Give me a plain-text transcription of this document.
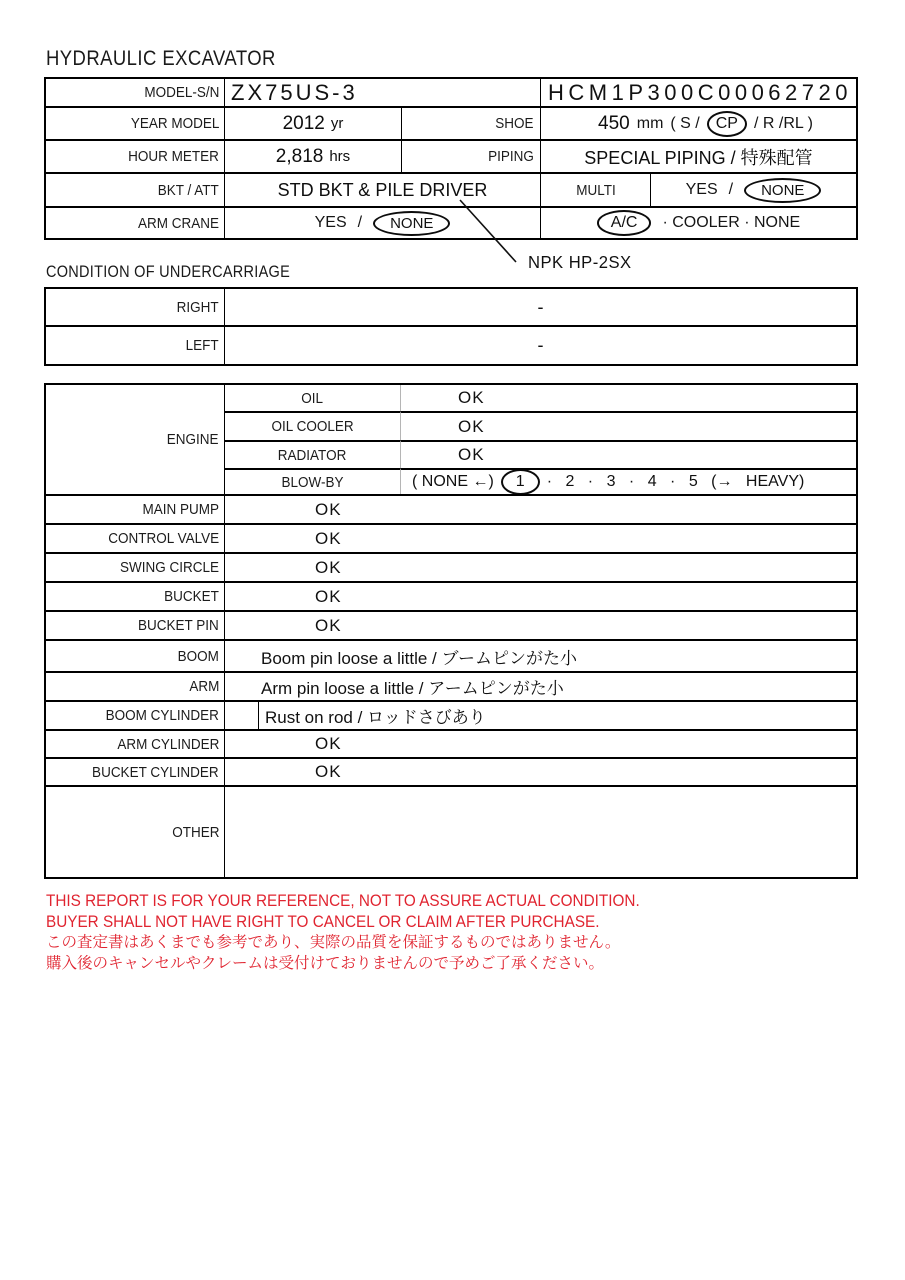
HYDRAULIC EXCAVATOR
MODEL-S/N ZX75US-3	HCM1P300C00062720
YEAR MODEL	2012 yr	SHOE	450 mm ( S / CP / R /RL )
HOUR METER	2,818 hrs	PIPING	SPECIAL PIPING / 特殊配管
BKT / ATT	STD BKT & PILE DRIVER	MULTI	YES / NONE
ARM CRANE	YES / NONE	A/C · COOLER · NONE
NPK HP-2SX
CONDITION OF UNDERCARRIAGE
RIGHT	-
LEFT	-
ENGINE
OIL	OK
OIL COOLER	OK
RADIATOR	OK
BLOW-BY	( NONE ←) 1 · 2 · 3 · 4 · 5 (→ HEAVY)
MAIN PUMP	OK
CONTROL VALVE	OK
SWING CIRCLE	OK
BUCKET	OK
BUCKET PIN	OK
BOOM Boom pin loose a little / ブームピンがた小
ARM Arm pin loose a little / アームピンがた小
BOOM CYLINDER	Rust on rod / ロッドさびあり
ARM CYLINDER	OK
BUCKET CYLINDER	OK
OTHER
THIS REPORT IS FOR YOUR REFERENCE, NOT TO ASSURE ACTUAL CONDITION.
BUYER SHALL NOT HAVE RIGHT TO CANCEL OR CLAIM AFTER PURCHASE.
この査定書はあくまでも参考であり、実際の品質を保証するものではありません。
購入後のキャンセルやクレームは受付けておりませんので予めご了承ください。
